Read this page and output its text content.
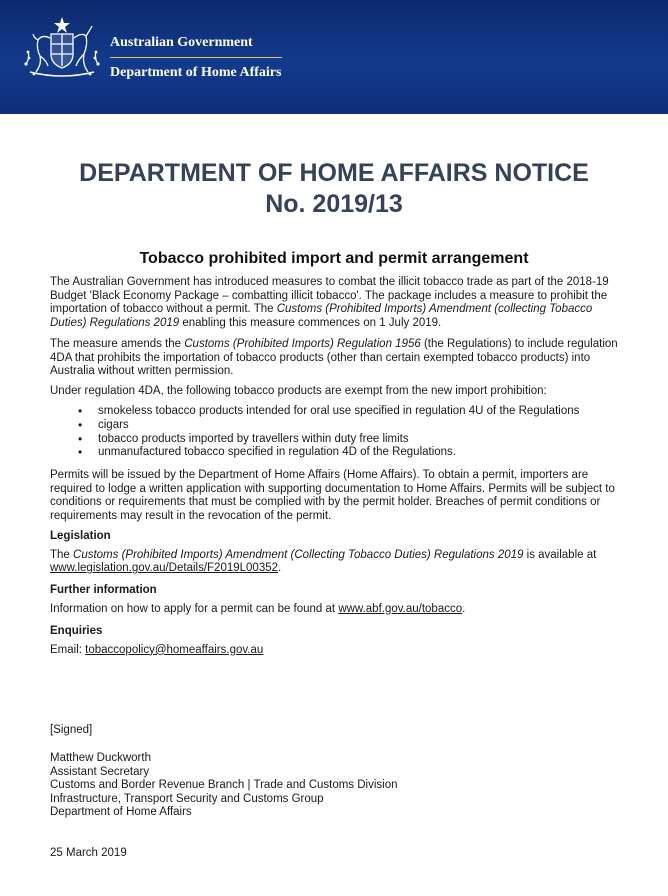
Australian Government
Department of Home Affairs
DEPARTMENT OF HOME AFFAIRS NOTICE
No. 2019/13
Tobacco prohibited import and permit arrangement

The Australian Government has introduced measures to combat the illicit tobacco trade as part of the 2018-19 Budget 'Black Economy Package – combatting illicit tobacco'. The package includes a measure to prohibit the importation of tobacco without a permit. The Customs (Prohibited Imports) Amendment (collecting Tobacco Duties) Regulations 2019 enabling this measure commences on 1 July 2019.

The measure amends the Customs (Prohibited Imports) Regulation 1956 (the Regulations) to include regulation 4DA that prohibits the importation of tobacco products (other than certain exempted tobacco products) into Australia without written permission.

Under regulation 4DA, the following tobacco products are exempt from the new import prohibition:

• smokeless tobacco products intended for oral use specified in regulation 4U of the Regulations
• cigars
• tobacco products imported by travellers within duty free limits
• unmanufactured tobacco specified in regulation 4D of the Regulations.

Permits will be issued by the Department of Home Affairs (Home Affairs). To obtain a permit, importers are required to lodge a written application with supporting documentation to Home Affairs. Permits will be subject to conditions or requirements that must be complied with by the permit holder. Breaches of permit conditions or requirements may result in the revocation of the permit.

Legislation

The Customs (Prohibited Imports) Amendment (Collecting Tobacco Duties) Regulations 2019 is available at www.legislation.gov.au/Details/F2019L00352.

Further information

Information on how to apply for a permit can be found at www.abf.gov.au/tobacco.

Enquiries

Email: tobaccopolicy@homeaffairs.gov.au

[Signed]

Matthew Duckworth

Assistant Secretary

Customs and Border Revenue Branch | Trade and Customs Division

Infrastructure, Transport Security and Customs Group

Department of Home Affairs

25 March 2019
